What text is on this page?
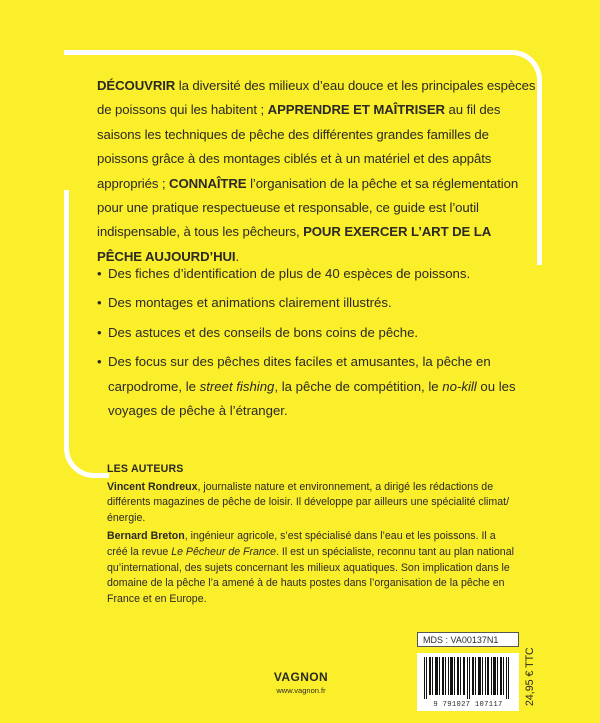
DÉCOUVRIR la diversité des milieux d’eau douce et les principales espèces de poissons qui les habitent ; APPRENDRE ET MAÎTRISER au fil des saisons les techniques de pêche des différentes grandes familles de poissons grâce à des montages ciblés et à un matériel et des appâts appropriés ; CONNAÎTRE l’organisation de la pêche et sa réglementation pour une pratique respectueuse et responsable, ce guide est l’outil indispensable, à tous les pêcheurs, POUR EXERCER L’ART DE LA PÊCHE AUJOURD’HUI.
• Des fiches d’identification de plus de 40 espèces de poissons.
• Des montages et animations clairement illustrés.
• Des astuces et des conseils de bons coins de pêche.
• Des focus sur des pêches dites faciles et amusantes, la pêche en carpodrome, le street fishing, la pêche de compétition, le no-kill ou les voyages de pêche à l’étranger.
LES AUTEURS

Vincent Rondreux, journaliste nature et environnement, a dirigé les rédactions de différents magazines de pêche de loisir. Il développe par ailleurs une spécialité climat/énergie.

Bernard Breton, ingénieur agricole, s’est spécialisé dans l’eau et les poissons. Il a créé la revue Le Pêcheur de France. Il est un spécialiste, reconnu tant au plan national qu’international, des sujets concernant les milieux aquatiques. Son implication dans le domaine de la pêche l’a amené à de hauts postes dans l’organisation de la pêche en France et en Europe.

MDS : VA00137N1
9 791027 107117	24,95 € TTC
VAGNON
www.vagnon.fr
